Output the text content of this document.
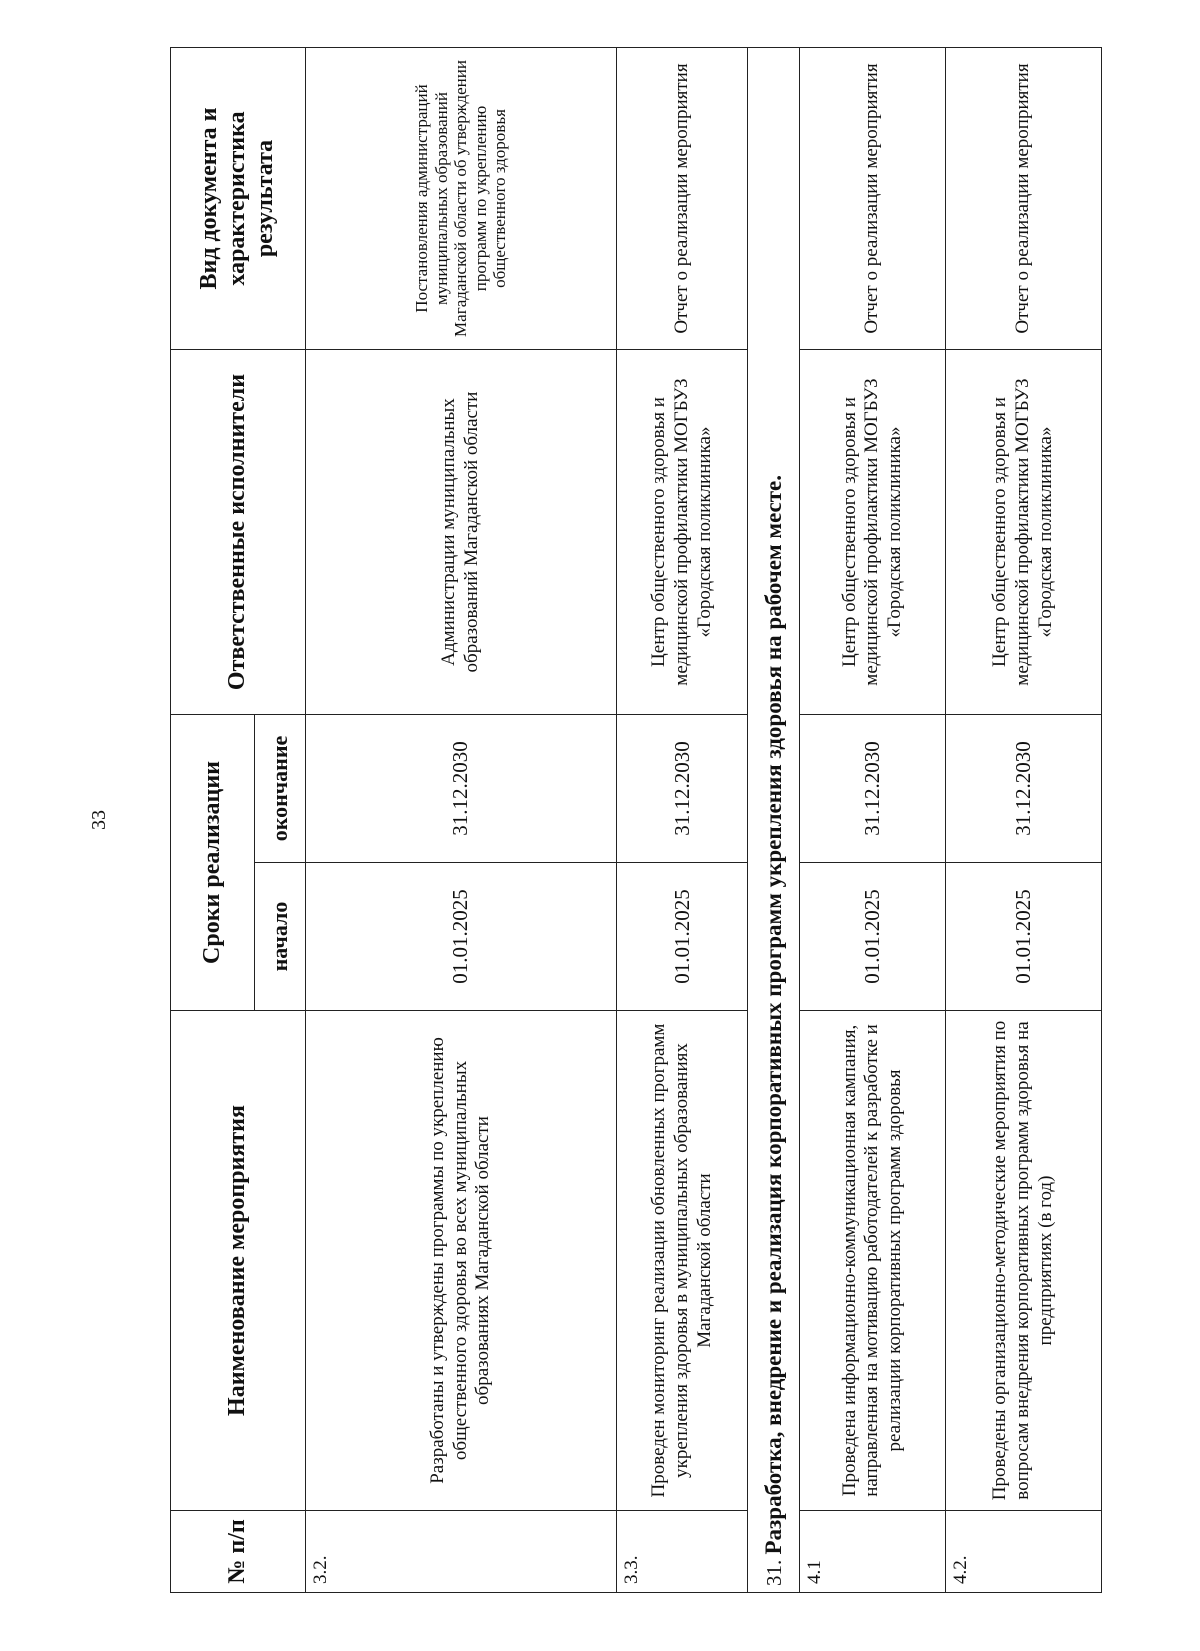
33
№ п/п	Наименование мероприятия	Сроки реализации		Ответственные исполнители	Вид документа и характеристика результата
		начало	окончание		
3.2.	Разработаны и утверждены программы по укреплению общественного здоровья во всех муниципальных образованиях Магаданской области	01.01.2025	31.12.2030	Администрации муниципальных образований Магаданской области	Постановления администраций муниципальных образований Магаданской области об утверждении программ по укреплению общественного здоровья
3.3.	Проведен мониторинг реализации обновленных программ укрепления здоровья в муниципальных образованиях Магаданской области	01.01.2025	31.12.2030	Центр общественного здоровья и медицинской профилактики МОГБУЗ «Городская поликлиника»	Отчет о реализации мероприятия
31. Разработка, внедрение и реализация корпоративных программ укрепления здоровья на рабочем месте.					
4.1	Проведена информационно-коммуникационная кампания, направленная на мотивацию работодателей к разработке и реализации корпоративных программ здоровья	01.01.2025	31.12.2030	Центр общественного здоровья и медицинской профилактики МОГБУЗ «Городская поликлиника»	Отчет о реализации мероприятия
4.2.	Проведены организационно-методические мероприятия по вопросам внедрения корпоративных программ здоровья на предприятиях (в год)	01.01.2025	31.12.2030	Центр общественного здоровья и медицинской профилактики МОГБУЗ «Городская поликлиника»	Отчет о реализации мероприятия
